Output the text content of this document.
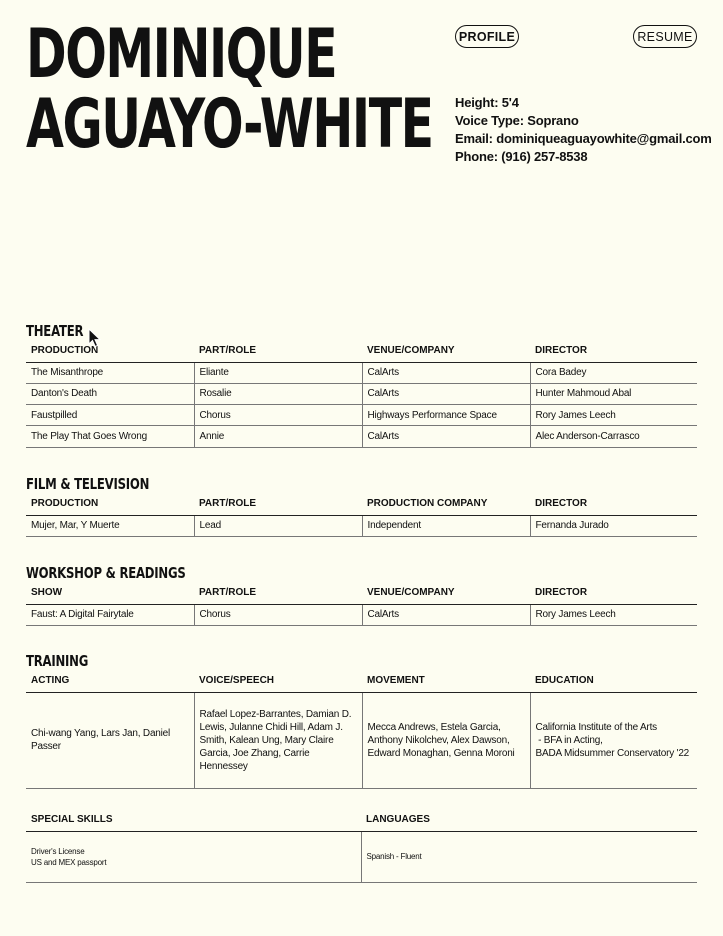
DOMINIQUE
AGUAYO-WHITE
PROFILE	RESUME
Height: 5'4
Voice Type: Soprano
Email: dominiqueaguayowhite@gmail.com
Phone: (916) 257-8538
THEATER
PRODUCTION	PART/ROLE	VENUE/COMPANY	DIRECTOR
The Misanthrope	Eliante	CalArts	Cora Badey
Danton's Death	Rosalie	CalArts	Hunter Mahmoud Abal
Faustpilled	Chorus	Highways Performance Space	Rory James Leech
The Play That Goes Wrong	Annie	CalArts	Alec Anderson-Carrasco
FILM & TELEVISION
PRODUCTION	PART/ROLE	PRODUCTION COMPANY	DIRECTOR
Mujer, Mar, Y Muerte	Lead	Independent	Fernanda Jurado
WORKSHOP & READINGS
SHOW	PART/ROLE	VENUE/COMPANY	DIRECTOR
Faust: A Digital Fairytale	Chorus	CalArts	Rory James Leech
TRAINING
ACTING	VOICE/SPEECH	MOVEMENT	EDUCATION
Chi-wang Yang, Lars Jan, Daniel Passer	Rafael Lopez-Barrantes, Damian D. Lewis, Julanne Chidi Hill, Adam J. Smith, Kalean Ung, Mary Claire Garcia, Joe Zhang, Carrie Hennessey	Mecca Andrews, Estela Garcia, Anthony Nikolchev, Alex Dawson, Edward Monaghan, Genna Moroni	California Institute of the Arts
- BFA in Acting,
BADA Midsummer Conservatory '22
SPECIAL SKILLS	LANGUAGES

Driver's License
US and MEX passport	Spanish - Fluent
